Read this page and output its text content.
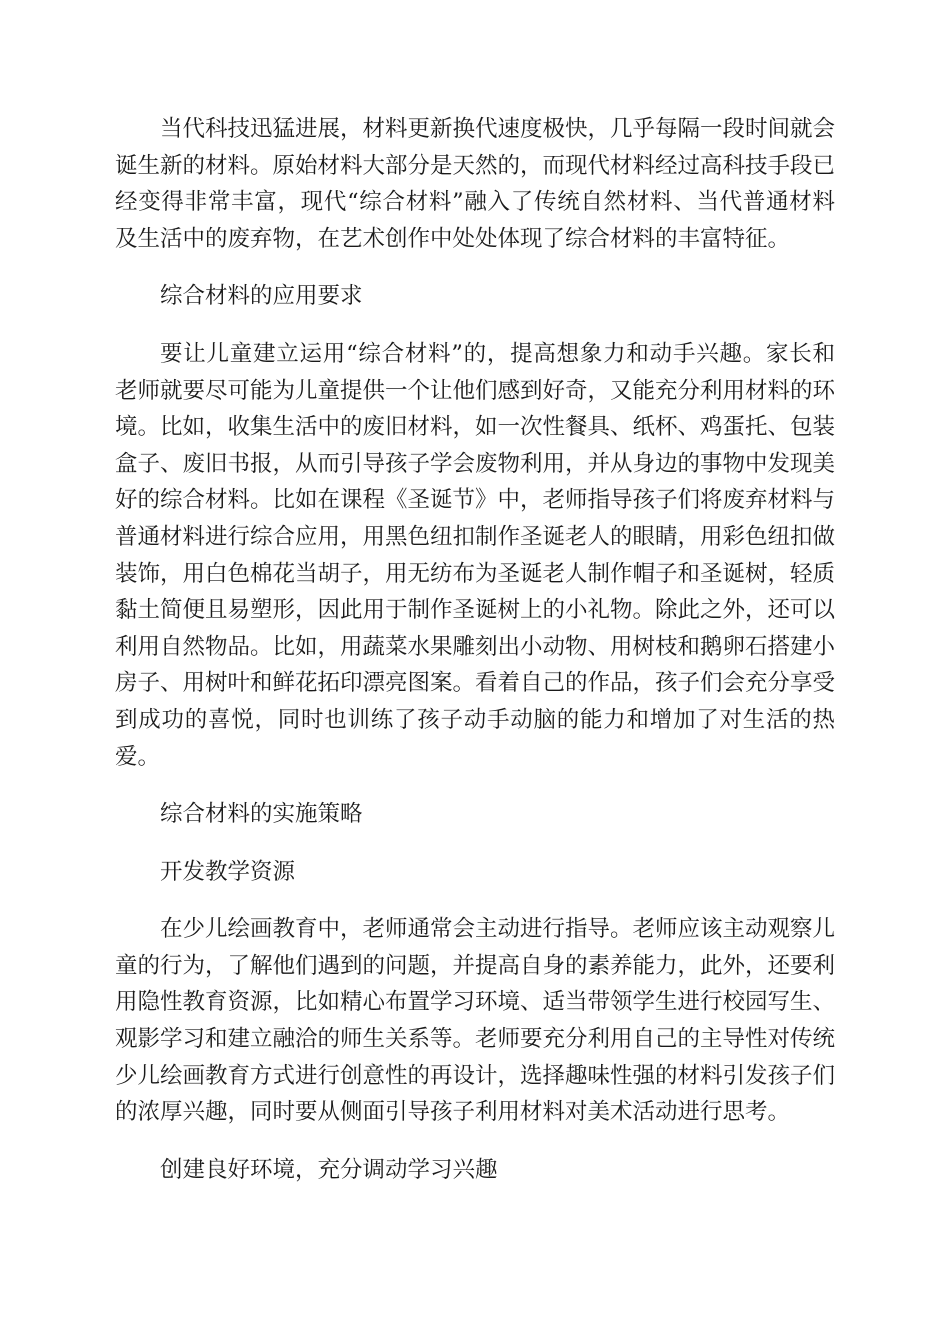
当代科技迅猛进展，材料更新换代速度极快，几乎每隔一段时间就会诞生新的材料。原始材料大部分是天然的，而现代材料经过高科技手段已经变得非常丰富，现代“综合材料”融入了传统自然材料、当代普通材料及生活中的废弃物，在艺术创作中处处体现了综合材料的丰富特征。

综合材料的应用要求

要让儿童建立运用“综合材料”的，提高想象力和动手兴趣。家长和老师就要尽可能为儿童提供一个让他们感到好奇，又能充分利用材料的环境。比如，收集生活中的废旧材料，如一次性餐具、纸杯、鸡蛋托、包装盒子、废旧书报，从而引导孩子学会废物利用，并从身边的事物中发现美好的综合材料。比如在课程《圣诞节》中，老师指导孩子们将废弃材料与普通材料进行综合应用，用黑色纽扣制作圣诞老人的眼睛，用彩色纽扣做装饰，用白色棉花当胡子，用无纺布为圣诞老人制作帽子和圣诞树，轻质黏土简便且易塑形，因此用于制作圣诞树上的小礼物。除此之外，还可以利用自然物品。比如，用蔬菜水果雕刻出小动物、用树枝和鹅卵石搭建小房子、用树叶和鲜花拓印漂亮图案。看着自己的作品，孩子们会充分享受到成功的喜悦，同时也训练了孩子动手动脑的能力和增加了对生活的热爱。

综合材料的实施策略

开发教学资源

在少儿绘画教育中，老师通常会主动进行指导。老师应该主动观察儿童的行为，了解他们遇到的问题，并提高自身的素养能力，此外，还要利用隐性教育资源，比如精心布置学习环境、适当带领学生进行校园写生、观影学习和建立融洽的师生关系等。老师要充分利用自己的主导性对传统少儿绘画教育方式进行创意性的再设计，选择趣味性强的材料引发孩子们的浓厚兴趣，同时要从侧面引导孩子利用材料对美术活动进行思考。

创建良好环境，充分调动学习兴趣
